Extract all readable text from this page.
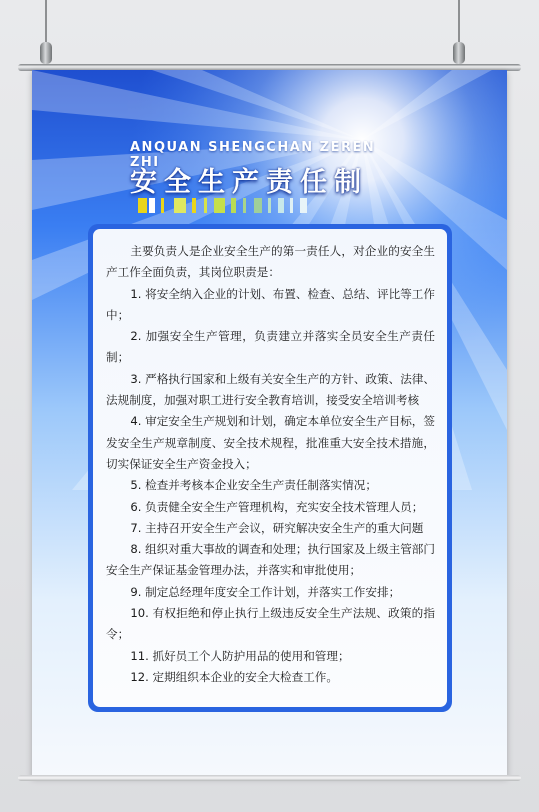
ANQUAN SHENGCHAN ZEREN ZHI
安全生产责任制

主要负责人是企业安全生产的第一责任人，对企业的安全生产工作全面负责，其岗位职责是：

1. 将安全纳入企业的计划、布置、检查、总结、评比等工作中；

2. 加强安全生产管理，负责建立并落实全员安全生产责任制；

3. 严格执行国家和上级有关安全生产的方针、政策、法律、法规制度，加强对职工进行安全教育培训，接受安全培训考核

4. 审定安全生产规划和计划，确定本单位安全生产目标，签发安全生产规章制度、安全技术规程，批准重大安全技术措施，切实保证安全生产资金投入；

5. 检查并考核本企业安全生产责任制落实情况；

6. 负责健全安全生产管理机构，充实安全技术管理人员；

7. 主持召开安全生产会议，研究解决安全生产的重大问题

8. 组织对重大事故的调查和处理；执行国家及上级主管部门安全生产保证基金管理办法，并落实和审批使用；

9. 制定总经理年度安全工作计划，并落实工作安排；

10. 有权拒绝和停止执行上级违反安全生产法规、政策的指令；

11. 抓好员工个人防护用品的使用和管理；

12. 定期组织本企业的安全大检查工作。
